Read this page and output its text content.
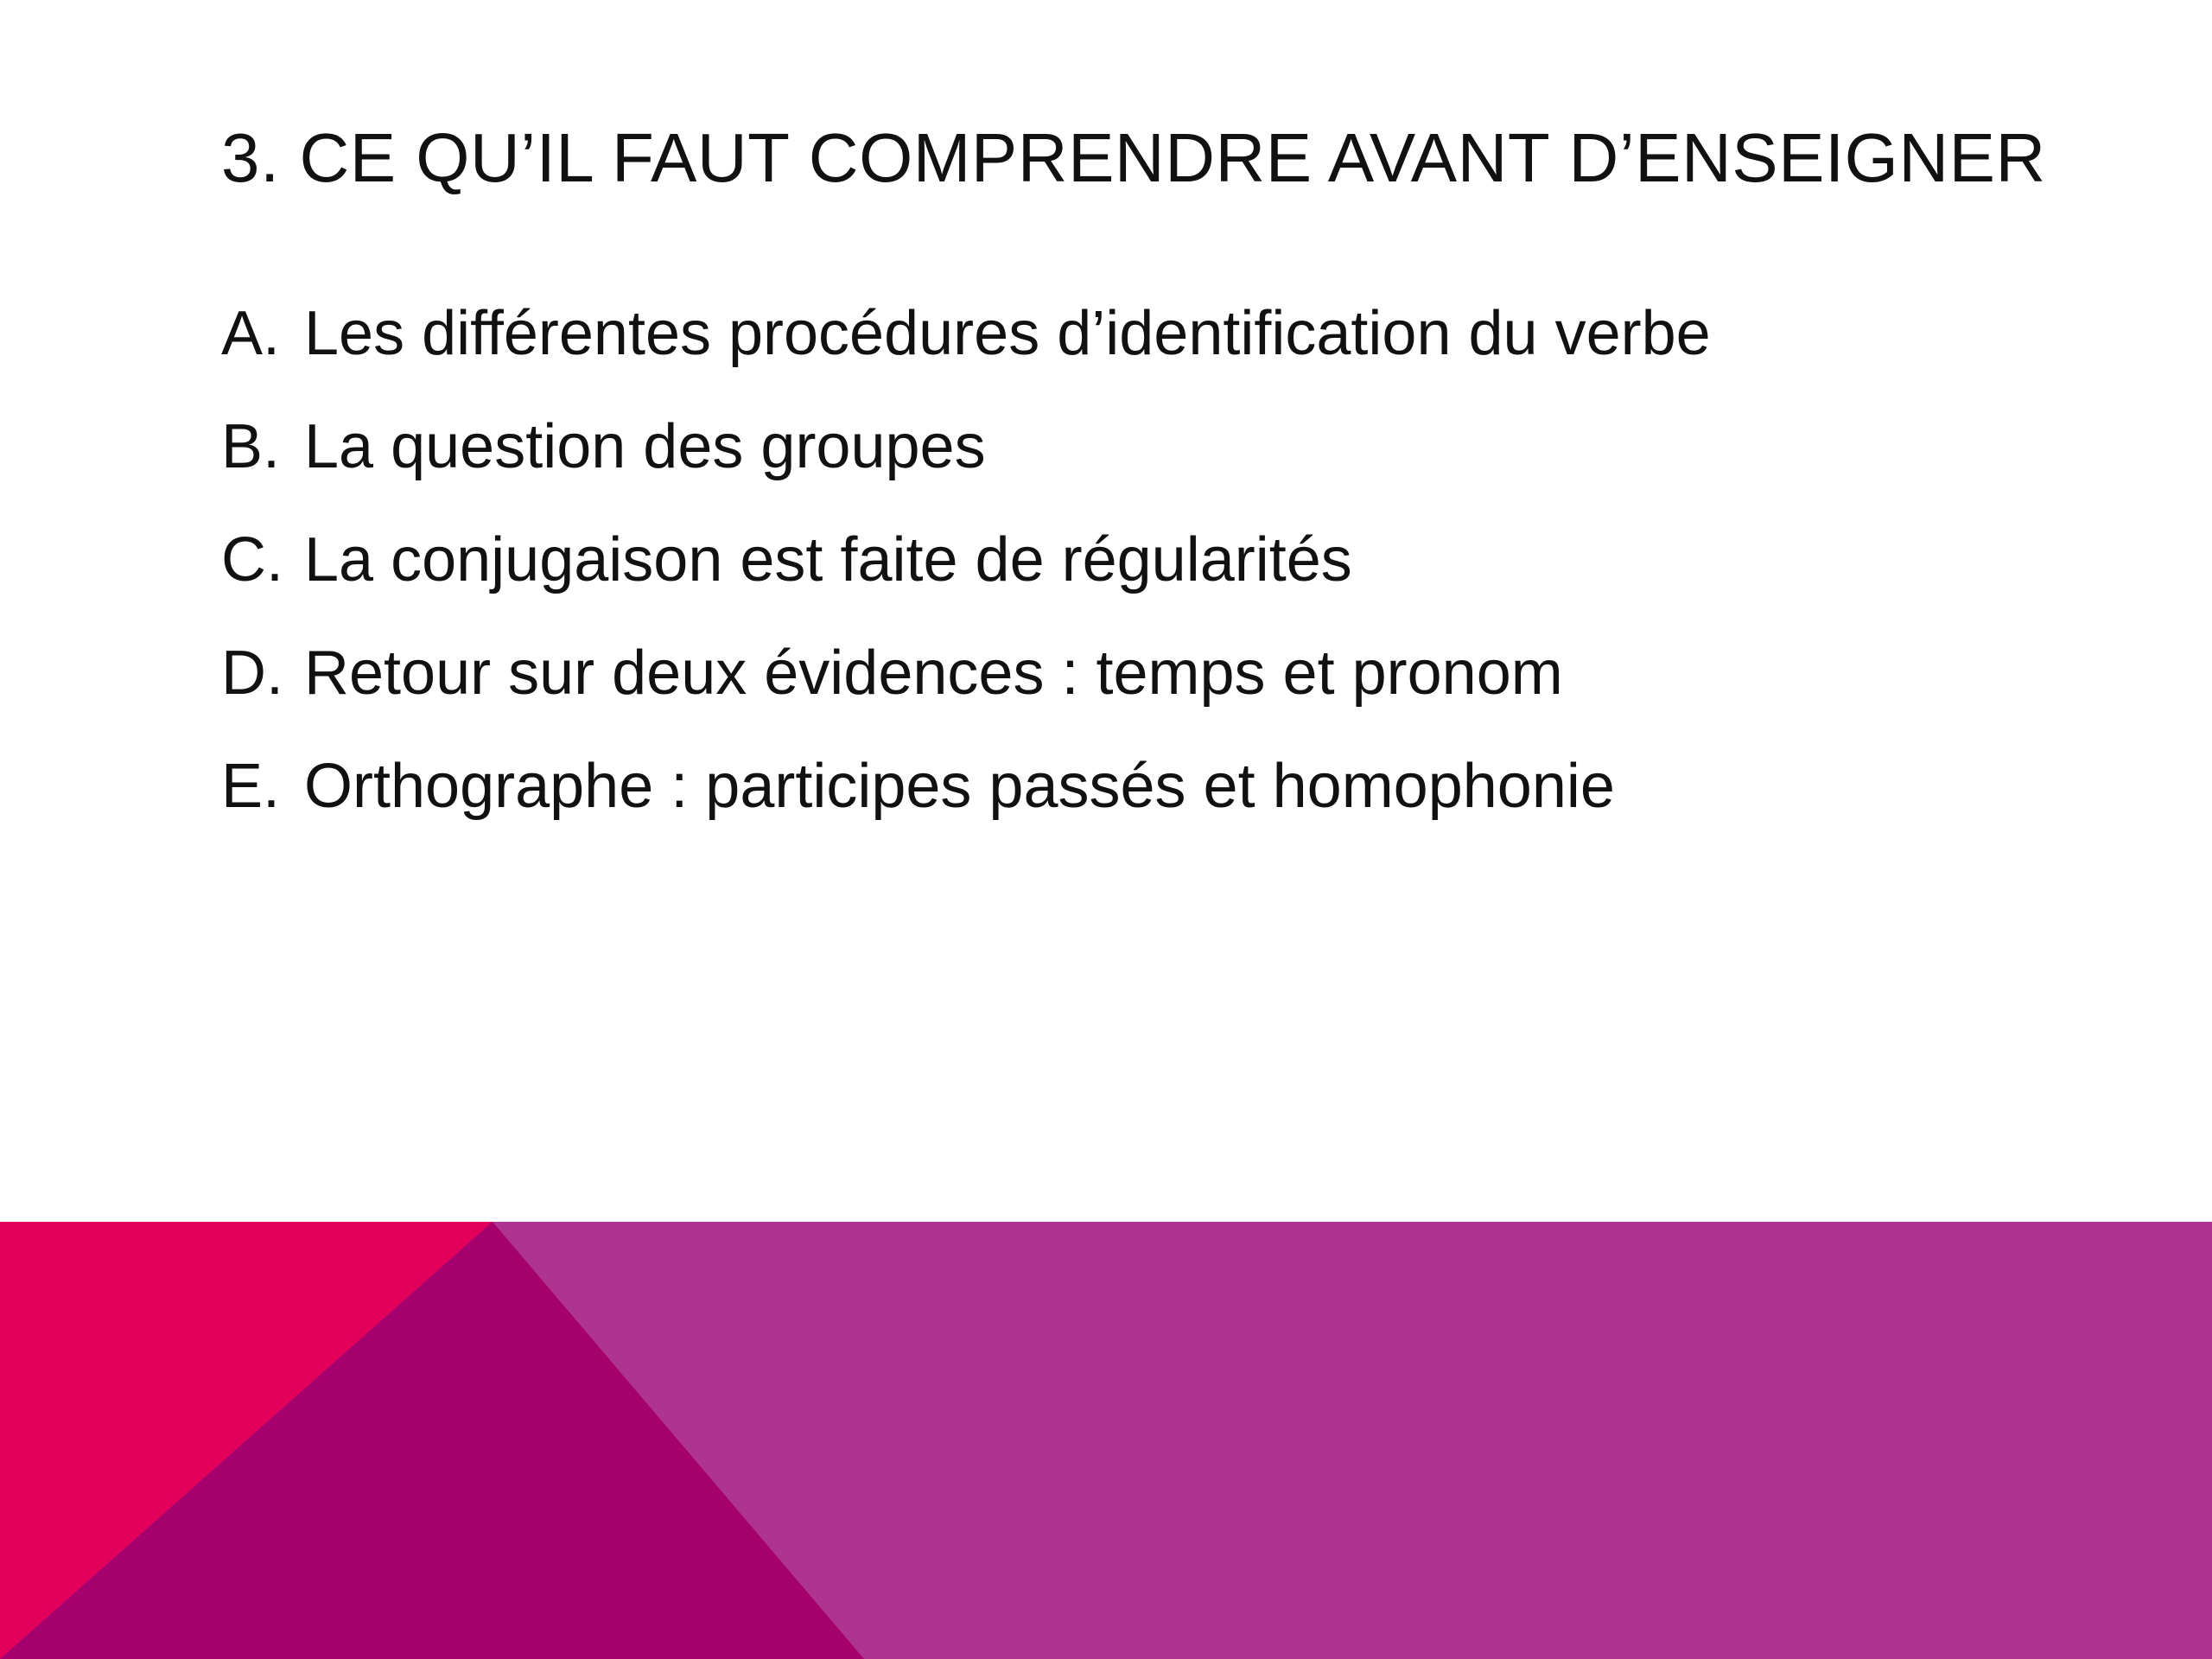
3. CE QU’IL FAUT COMPRENDRE AVANT D’ENSEIGNER
A. Les différentes procédures d’identification du verbe
B. La question des groupes
C. La conjugaison est faite de régularités
D. Retour sur deux évidences : temps et pronom
E. Orthographe : participes passés et homophonie
